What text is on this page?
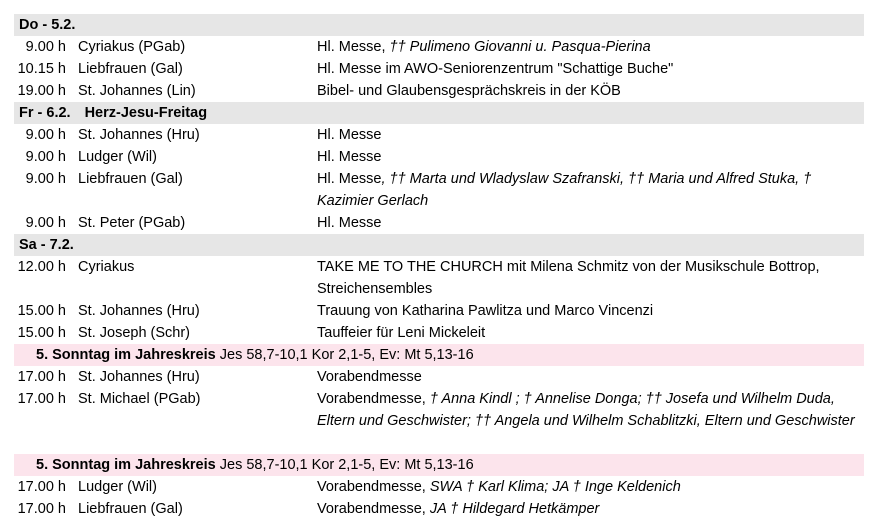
Do - 5.2.
9.00 h Cyriakus (PGab)	Hl. Messe, †† Pulimeno Giovanni u. Pasqua-Pierina
10.15 h Liebfrauen (Gal)	Hl. Messe im AWO-Seniorenzentrum "Schattige Buche"
19.00 h St. Johannes (Lin)	Bibel- und Glaubensgesprächskreis in der KÖB
Fr - 6.2. Herz-Jesu-Freitag
9.00 h St. Johannes (Hru)	Hl. Messe
9.00 h Ludger (Wil)	Hl. Messe
9.00 h Liebfrauen (Gal)	Hl. Messe, †† Marta und Wladyslaw Szafranski, †† Maria und Alfred Stuka, † Kazimier Gerlach
9.00 h St. Peter (PGab)	Hl. Messe
Sa - 7.2.
12.00 h Cyriakus	TAKE ME TO THE CHURCH mit Milena Schmitz von der Musikschule Bottrop, Streichensembles
15.00 h St. Johannes (Hru)	Trauung von Katharina Pawlitza und Marco Vincenzi
15.00 h St. Joseph (Schr)	Tauffeier für Leni Mickeleit
5. Sonntag im Jahreskreis Jes 58,7-10,1 Kor 2,1-5, Ev: Mt 5,13-16
17.00 h St. Johannes (Hru)	Vorabendmesse
17.00 h St. Michael (PGab)	Vorabendmesse, † Anna Kindl ; † Annelise Donga; †† Josefa und Wilhelm Duda, Eltern und Geschwister; †† Angela und Wilhelm Schablitzki, Eltern und Geschwister
5. Sonntag im Jahreskreis Jes 58,7-10,1 Kor 2,1-5, Ev: Mt 5,13-16
17.00 h Ludger (Wil)	Vorabendmesse, SWA † Karl Klima; JA † Inge Keldenich
17.00 h Liebfrauen (Gal)	Vorabendmesse, JA † Hildegard Hetkämper
